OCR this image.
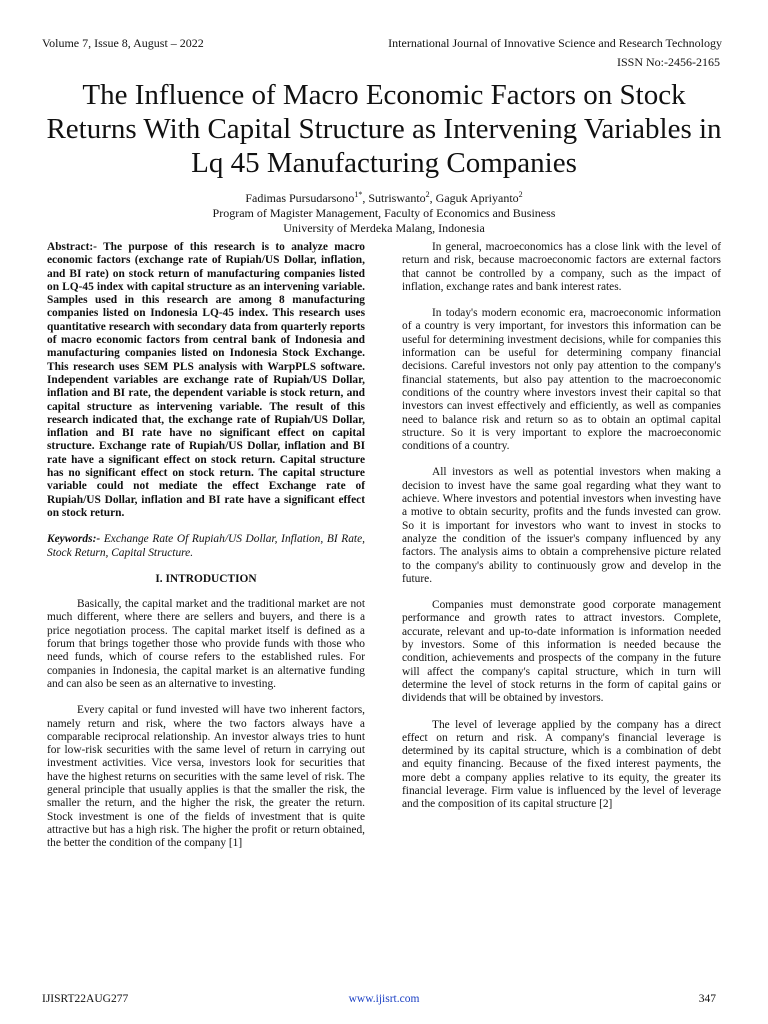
Volume 7, Issue 8, August – 2022	International Journal of Innovative Science and Research Technology
ISSN No:-2456-2165
The Influence of Macro Economic Factors on Stock Returns With Capital Structure as Intervening Variables in Lq 45 Manufacturing Companies
Fadimas Pursudarsono$^{1*}$, Sutriswanto$^2$, Gaguk Apriyanto$^2$
Program of Magister Management, Faculty of Economics and Business
University of Merdeka Malang, Indonesia

Abstract:- The purpose of this research is to analyze macro economic factors (exchange rate of Rupiah/US Dollar, inflation, and BI rate) on stock return of manufacturing companies listed on LQ-45 index with capital structure as an intervening variable. Samples used in this research are among 8 manufacturing companies listed on Indonesia LQ-45 index. This research uses quantitative research with secondary data from quarterly reports of macro economic factors from central bank of Indonesia and manufacturing companies listed on Indonesia Stock Exchange. This research uses SEM PLS analysis with WarpPLS software. Independent variables are exchange rate of Rupiah/US Dollar, inflation and BI rate, the dependent variable is stock return, and capital structure as intervening variable. The result of this research indicated that, the exchange rate of Rupiah/US Dollar, inflation and BI rate have no significant effect on capital structure. Exchange rate of Rupiah/US Dollar, inflation and BI rate have a significant effect on stock return. Capital structure has no significant effect on stock return. The capital structure variable could not mediate the effect Exchange rate of Rupiah/US Dollar, inflation and BI rate have a significant effect on stock return.

Keywords:- Exchange Rate Of Rupiah/US Dollar, Inflation, BI Rate, Stock Return, Capital Structure.

I. INTRODUCTION

Basically, the capital market and the traditional market are not much different, where there are sellers and buyers, and there is a price negotiation process. The capital market itself is defined as a forum that brings together those who provide funds with those who need funds, which of course refers to the established rules. For companies in Indonesia, the capital market is an alternative funding and can also be seen as an alternative to investing.

Every capital or fund invested will have two inherent factors, namely return and risk, where the two factors always have a comparable reciprocal relationship. An investor always tries to hunt for low-risk securities with the same level of return in carrying out investment activities. Vice versa, investors look for securities that have the highest returns on securities with the same level of risk. The general principle that usually applies is that the smaller the risk, the smaller the return, and the higher the risk, the greater the return. Stock investment is one of the fields of investment that is quite attractive but has a high risk. The higher the profit or return obtained, the better the condition of the company [1]

In general, macroeconomics has a close link with the level of return and risk, because macroeconomic factors are external factors that cannot be controlled by a company, such as the impact of inflation, exchange rates and bank interest rates.

In today's modern economic era, macroeconomic information of a country is very important, for investors this information can be useful for determining investment decisions, while for companies this information can be useful for determining company financial decisions. Careful investors not only pay attention to the company's financial statements, but also pay attention to the macroeconomic conditions of the country where investors invest their capital so that investors can invest effectively and efficiently, as well as companies need to balance risk and return so as to obtain an optimal capital structure. So it is very important to explore the macroeconomic conditions of a country.

All investors as well as potential investors when making a decision to invest have the same goal regarding what they want to achieve. Where investors and potential investors when investing have a motive to obtain security, profits and the funds invested can grow. So it is important for investors who want to invest in stocks to analyze the condition of the issuer's company influenced by any factors. The analysis aims to obtain a comprehensive picture related to the company's ability to continuously grow and develop in the future.

Companies must demonstrate good corporate management performance and growth rates to attract investors. Complete, accurate, relevant and up-to-date information is information needed by investors. Some of this information is needed because the condition, achievements and prospects of the company in the future will affect the company's capital structure, which in turn will determine the level of stock returns in the form of capital gains or dividends that will be obtained by investors.

The level of leverage applied by the company has a direct effect on return and risk. A company's financial leverage is determined by its capital structure, which is a combination of debt and equity financing. Because of the fixed interest payments, the more debt a company applies relative to its equity, the greater its financial leverage. Firm value is influenced by the level of leverage and the composition of its capital structure [2]

IJISRT22AUG277	www.ijisrt.com	347
